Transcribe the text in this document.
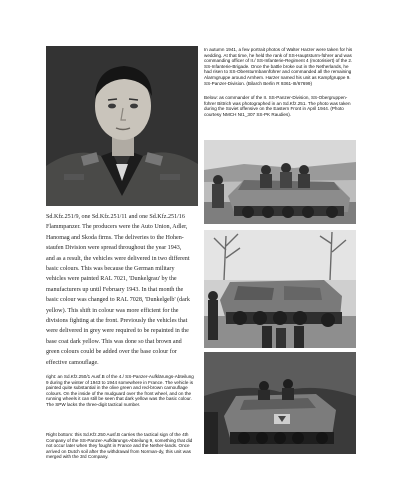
In autumn 1941, a few portrait photos of Walter Harzer were taken for his wedding. At that time, he held the rank of SS-Hauptsturm-führer and was commanding officer of II./ SS-Infanterie-Regiment 4 (motorisiert) of the 2. SS-Infanterie-Brigade. Once the battle broke out in the Netherlands, he had risen to SS-Obersturmbannführer and commanded all the remaining Alarmgruppe around Arnhem. Harzer named his unit as Kampfgruppe 9. SS-Panzer-Division. (Bilarch Berlin R 9361-III/67699)

Below: as commander of the II. SS-Panzer-Division, SS-Obergruppen-führer Bittrich was photographed in an Sd.Kfz.251. The photo was taken during the Soviet offensive on the Eastern Front in April 1944. (Photo courtesy NMCH NI1_307 SS-PK Raudies).

Sd.Kfz.251/9, one Sd.Kfz.251/11 and one Sd.Kfz.251/16 Flammpanzer. The producers were the Auto Union, Adler, Hanomag and Skoda firms. The deliveries to the Hohen-staufen Division were spread throughout the year 1943, and as a result, the vehicles were delivered in two different basic colours. This was because the German military vehicles were painted RAL 7021, 'Dunkelgrau' by the manufacturers up until February 1943. In that month the basic colour was changed to RAL 7028, 'Dunkelgelb' (dark yellow). This shift in colour was more efficient for the divisions fighting at the front. Previously the vehicles that were delivered in grey were required to be repainted in the base coat dark yellow. This was done so that brown and green colours could be added over the base colour for effective camouflage.

right: an Sd.Kfz.250/1 Ausf.B of the 4./ SS-Panzer-Aufklärungs-Abteilung 9 during the winter of 1943 to 1944 somewhere in France. The vehicle is painted quite substantial in the olive green and red-brown camouflage colours. On the inside of the mudguard over the front wheel, and on the running wheels it can still be seen that dark yellow was the basic colour. The SPW lacks the three-digit tactical number.

Right bottom: this Sd.Kfz.250 Ausf.B carries the tactical sign of the 4th Company of the SS-Panzer-Aufklärungs-Abteilung 9, something that did not occur later when they fought in France and the Nether-lands. Once arrived on Dutch soil after the withdrawal from Norman-dy, this unit was merged with the 3rd Company.
